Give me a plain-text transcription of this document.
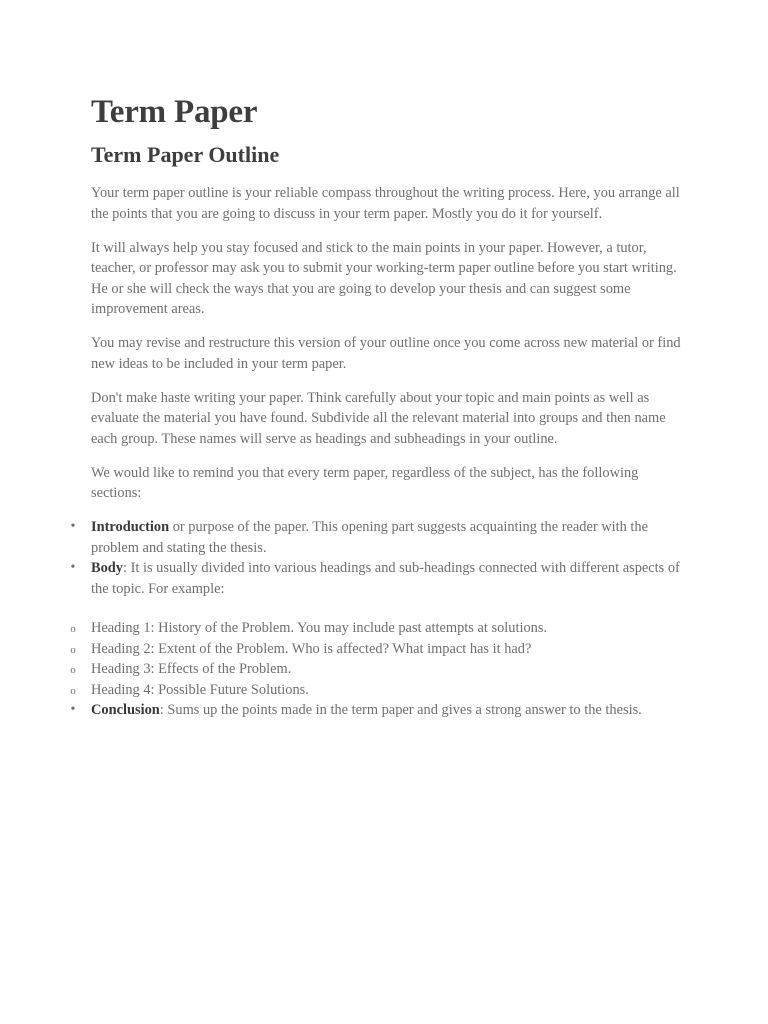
Term Paper
Term Paper Outline

Your term paper outline is your reliable compass throughout the writing process. Here, you arrange all the points that you are going to discuss in your term paper. Mostly you do it for yourself.

It will always help you stay focused and stick to the main points in your paper. However, a tutor, teacher, or professor may ask you to submit your working-term paper outline before you start writing. He or she will check the ways that you are going to develop your thesis and can suggest some improvement areas.

You may revise and restructure this version of your outline once you come across new material or find new ideas to be included in your term paper.

Don't make haste writing your paper. Think carefully about your topic and main points as well as evaluate the material you have found. Subdivide all the relevant material into groups and then name each group. These names will serve as headings and subheadings in your outline.

We would like to remind you that every term paper, regardless of the subject, has the following sections:

•	Introduction or purpose of the paper. This opening part suggests acquainting the reader with the problem and stating the thesis.
•	Body: It is usually divided into various headings and sub-headings connected with different aspects of the topic. For example:
o Heading 1: History of the Problem. You may include past attempts at solutions.
o Heading 2: Extent of the Problem. Who is affected? What impact has it had?
o Heading 3: Effects of the Problem.
o Heading 4: Possible Future Solutions.
•	Conclusion: Sums up the points made in the term paper and gives a strong answer to the thesis.
